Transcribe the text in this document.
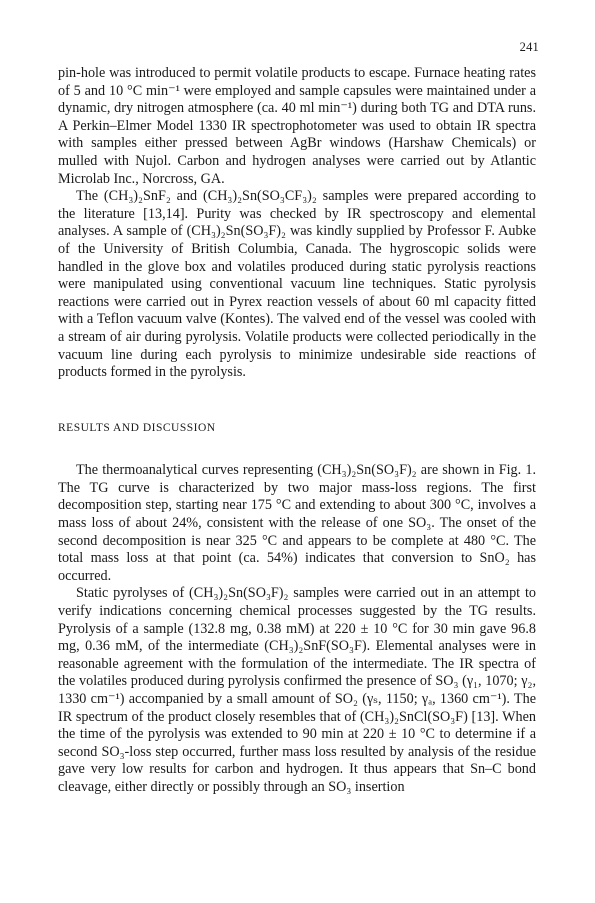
241

pin-hole was introduced to permit volatile products to escape. Furnace heating rates of 5 and 10 °C min⁻¹ were employed and sample capsules were maintained under a dynamic, dry nitrogen atmosphere (ca. 40 ml min⁻¹) during both TG and DTA runs. A Perkin–Elmer Model 1330 IR spectrophotometer was used to obtain IR spectra with samples either pressed between AgBr windows (Harshaw Chemicals) or mulled with Nujol. Carbon and hydrogen analyses were carried out by Atlantic Microlab Inc., Norcross, GA.

The (CH₃)₂SnF₂ and (CH₃)₂Sn(SO₃CF₃)₂ samples were prepared according to the literature [13,14]. Purity was checked by IR spectroscopy and elemental analyses. A sample of (CH₃)₂Sn(SO₃F)₂ was kindly supplied by Professor F. Aubke of the University of British Columbia, Canada. The hygroscopic solids were handled in the glove box and volatiles produced during static pyrolysis reactions were manipulated using conventional vacuum line techniques. Static pyrolysis reactions were carried out in Pyrex reaction vessels of about 60 ml capacity fitted with a Teflon vacuum valve (Kontes). The valved end of the vessel was cooled with a stream of air during pyrolysis. Volatile products were collected periodically in the vacuum line during each pyrolysis to minimize undesirable side reactions of products formed in the pyrolysis.

RESULTS AND DISCUSSION

The thermoanalytical curves representing (CH₃)₂Sn(SO₃F)₂ are shown in Fig. 1. The TG curve is characterized by two major mass-loss regions. The first decomposition step, starting near 175 °C and extending to about 300 °C, involves a mass loss of about 24%, consistent with the release of one SO₃. The onset of the second decomposition is near 325 °C and appears to be complete at 480 °C. The total mass loss at that point (ca. 54%) indicates that conversion to SnO₂ has occurred.

Static pyrolyses of (CH₃)₂Sn(SO₃F)₂ samples were carried out in an attempt to verify indications concerning chemical processes suggested by the TG results. Pyrolysis of a sample (132.8 mg, 0.38 mM) at 220 ± 10 °C for 30 min gave 96.8 mg, 0.36 mM, of the intermediate (CH₃)₂SnF(SO₃F). Elemental analyses were in reasonable agreement with the formulation of the intermediate. The IR spectra of the volatiles produced during pyrolysis confirmed the presence of SO₃ (γ₁, 1070; γ₂, 1330 cm⁻¹) accompanied by a small amount of SO₂ (γₛ, 1150; γₐ, 1360 cm⁻¹). The IR spectrum of the product closely resembles that of (CH₃)₂SnCl(SO₃F) [13]. When the time of the pyrolysis was extended to 90 min at 220 ± 10 °C to determine if a second SO₃-loss step occurred, further mass loss resulted by analysis of the residue gave very low results for carbon and hydrogen. It thus appears that Sn–C bond cleavage, either directly or possibly through an SO₃ insertion
